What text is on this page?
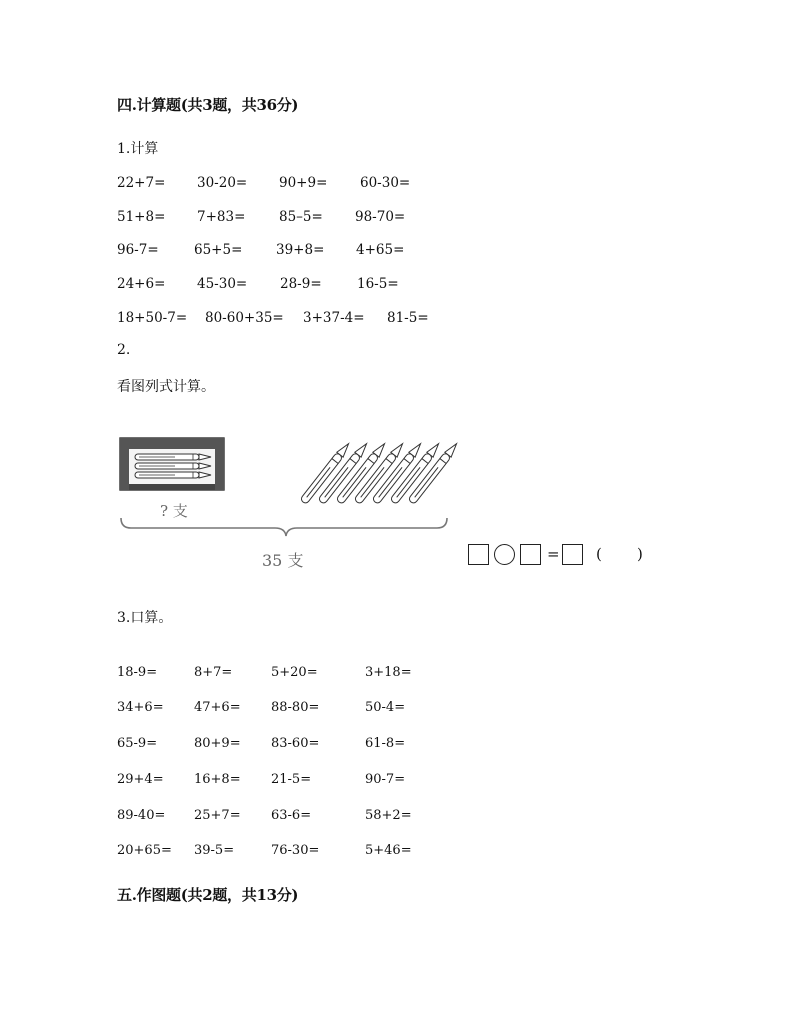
四.计算题(共3题，共36分)
1.计算
22+7= 30-20= 90+9= 60-30=
51+8= 7+83= 85–5= 98-70=
96-7=	65+5= 39+8= 4+65=
24+6= 45-30= 28-9=	16-5=
18+50-7= 80-60+35= 3+37-4= 81-5=
2.
看图列式计算。
? 支
35 支	= ( )
3.口算。
18-9=	8+7=	5+20=	3+18=
34+6= 47+6= 88-80=	50-4=
65-9=	80+9= 83-60=	61-8=
29+4= 16+8= 21-5=	90-7=
89-40= 25+7= 63-6=	58+2=
20+65= 39-5=	76-30=	5+46=
五.作图题(共2题，共13分)
